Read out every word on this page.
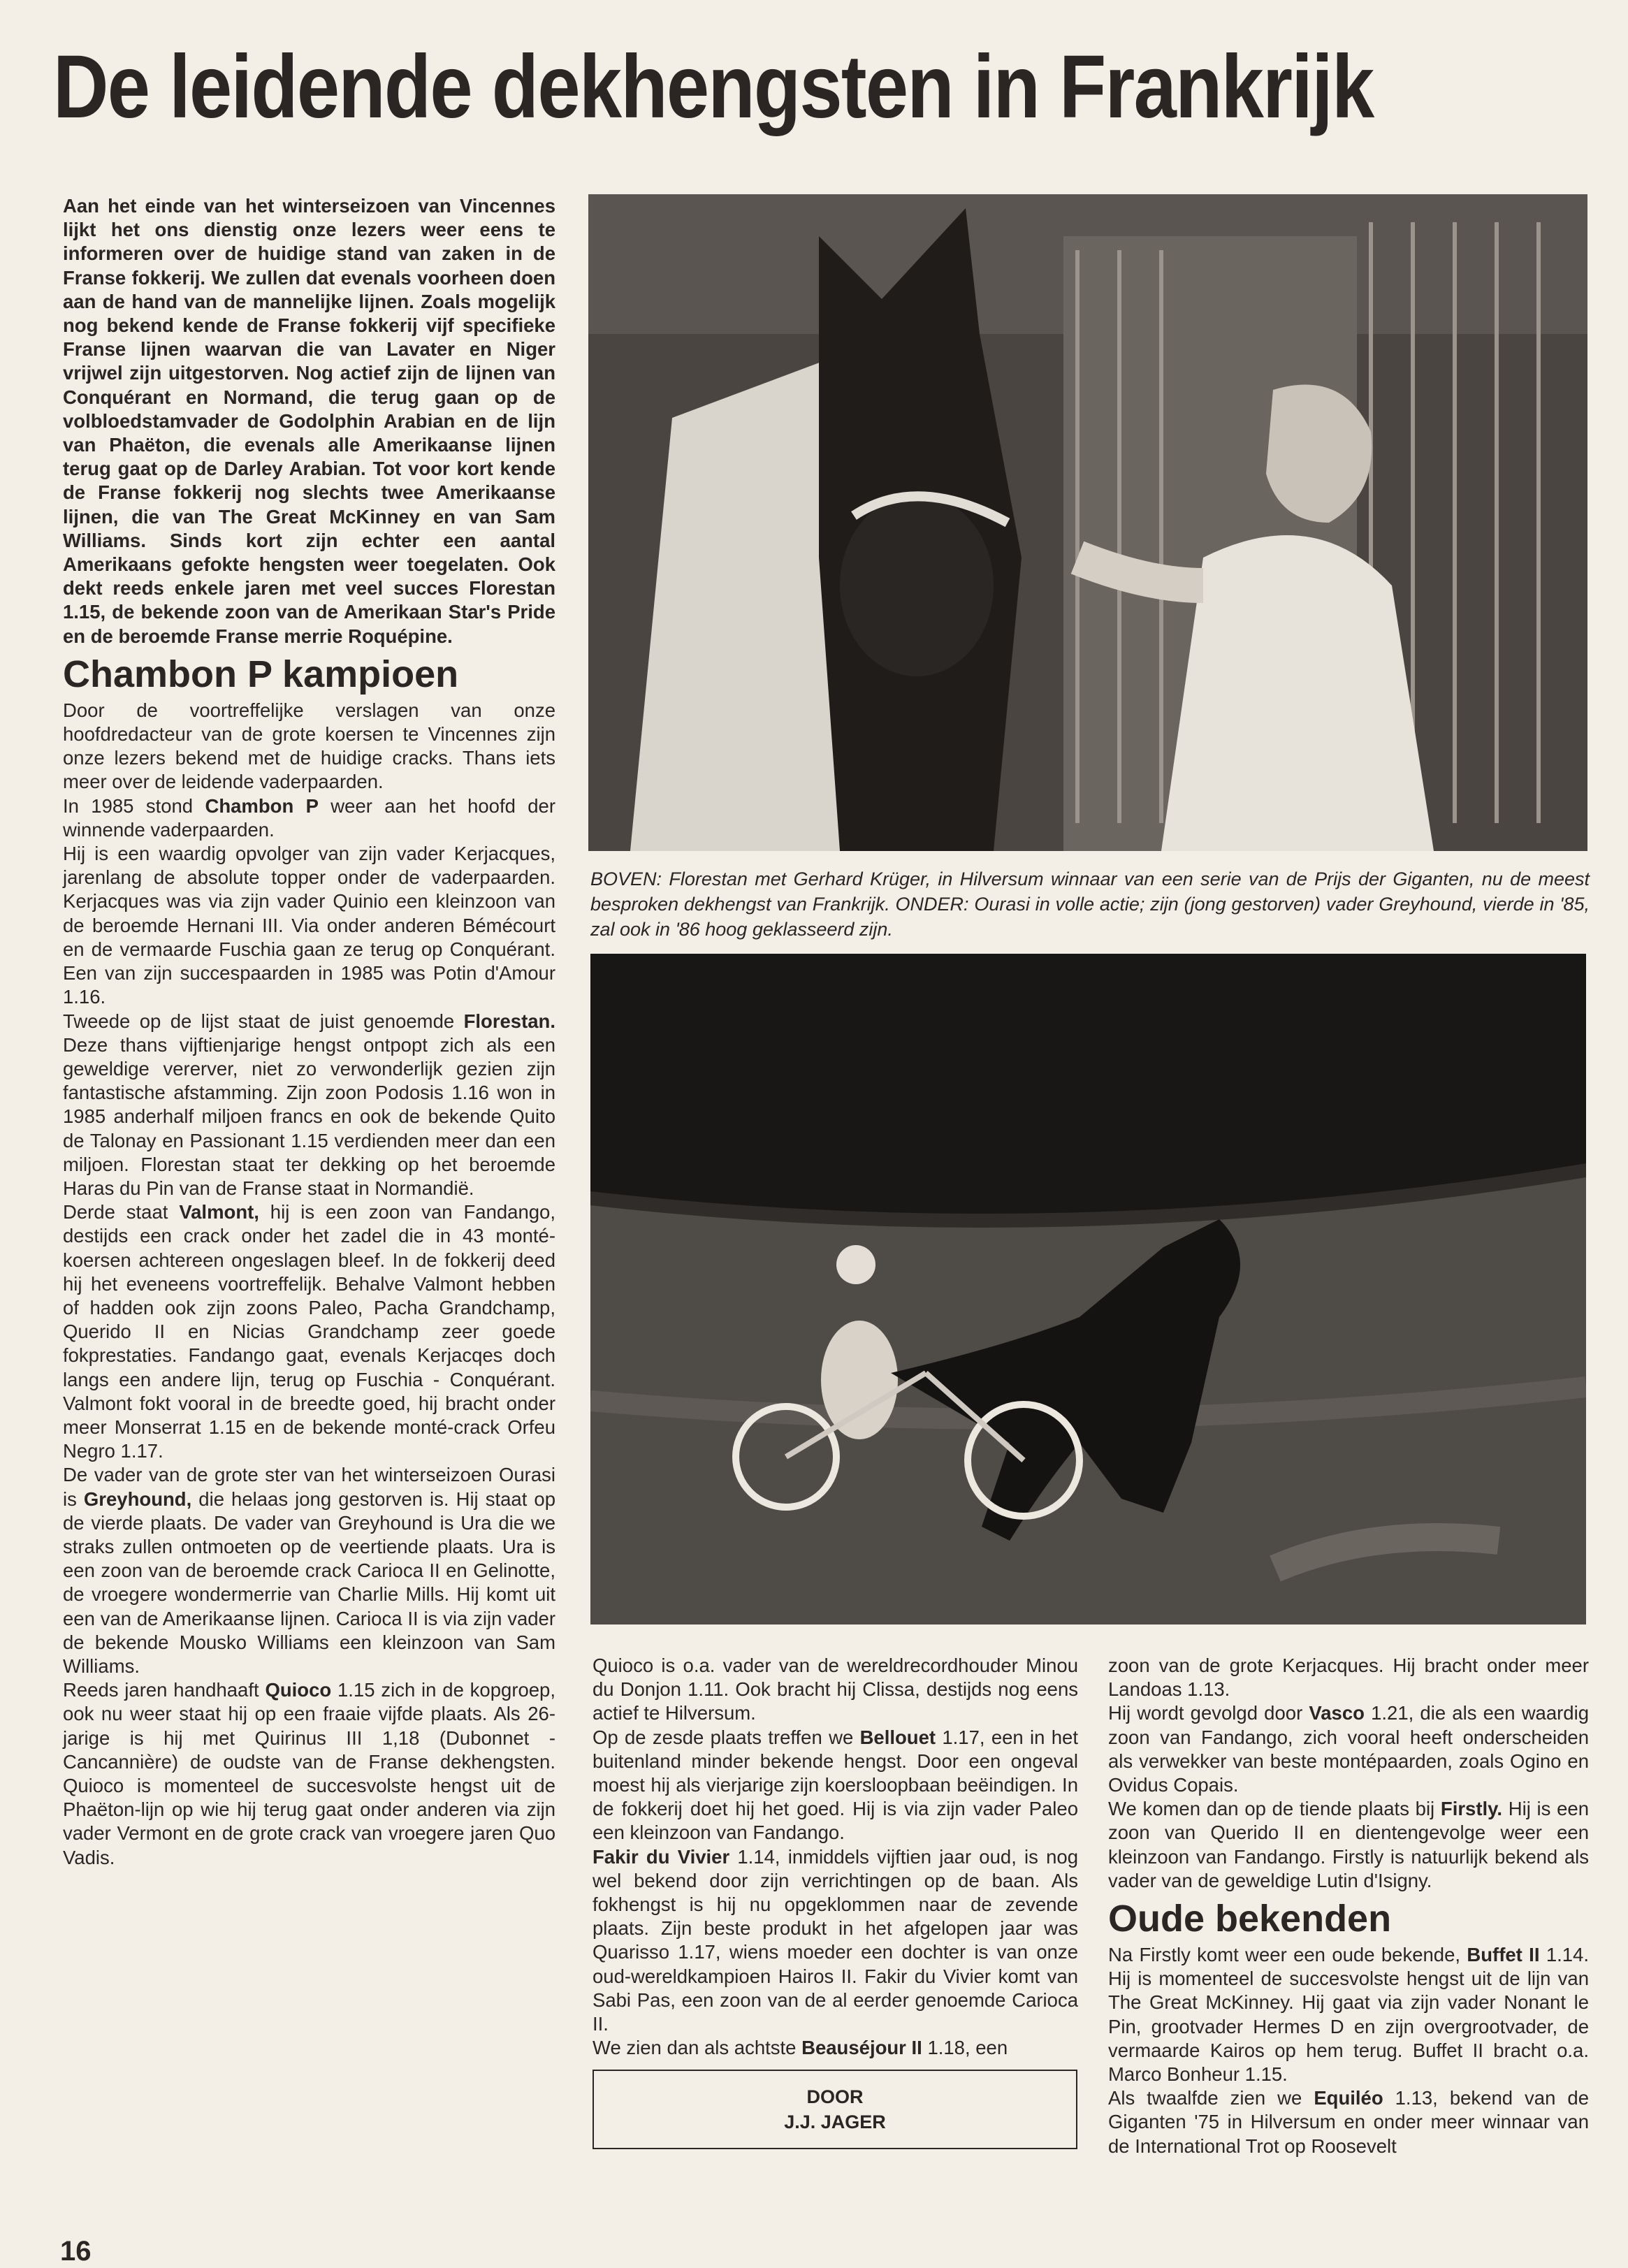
De leidende dekhengsten in Frankrijk

Aan het einde van het winterseizoen van Vincennes lijkt het ons dienstig onze lezers weer eens te informeren over de huidige stand van zaken in de Franse fokkerij. We zullen dat evenals voorheen doen aan de hand van de mannelijke lijnen. Zoals mogelijk nog bekend kende de Franse fokkerij vijf specifieke Franse lijnen waarvan die van Lavater en Niger vrijwel zijn uitgestorven. Nog actief zijn de lijnen van Conquérant en Normand, die terug gaan op de volbloedstamvader de Godolphin Arabian en de lijn van Phaëton, die evenals alle Amerikaanse lijnen terug gaat op de Darley Arabian. Tot voor kort kende de Franse fokkerij nog slechts twee Amerikaanse lijnen, die van The Great McKinney en van Sam Williams. Sinds kort zijn echter een aantal Amerikaans gefokte hengsten weer toegelaten. Ook dekt reeds enkele jaren met veel succes Florestan 1.15, de bekende zoon van de Amerikaan Star's Pride en de beroemde Franse merrie Roquépine.

Chambon P kampioen

Door de voortreffelijke verslagen van onze hoofdredacteur van de grote koersen te Vincennes zijn onze lezers bekend met de huidige cracks. Thans iets meer over de leidende vaderpaarden.

In 1985 stond Chambon P weer aan het hoofd der winnende vaderpaarden.

Hij is een waardig opvolger van zijn vader Kerjacques, jarenlang de absolute topper onder de vaderpaarden. Kerjacques was via zijn vader Quinio een kleinzoon van de beroemde Hernani III. Via onder anderen Bémécourt en de vermaarde Fuschia gaan ze terug op Conquérant. Een van zijn succespaarden in 1985 was Potin d'Amour 1.16.

Tweede op de lijst staat de juist genoemde Florestan. Deze thans vijftienjarige hengst ontpopt zich als een geweldige vererver, niet zo verwonderlijk gezien zijn fantastische afstamming. Zijn zoon Podosis 1.16 won in 1985 anderhalf miljoen francs en ook de bekende Quito de Talonay en Passionant 1.15 verdienden meer dan een miljoen. Florestan staat ter dekking op het beroemde Haras du Pin van de Franse staat in Normandië.

Derde staat Valmont, hij is een zoon van Fandango, destijds een crack onder het zadel die in 43 monté-koersen achtereen ongeslagen bleef. In de fokkerij deed hij het eveneens voortreffelijk. Behalve Valmont hebben of hadden ook zijn zoons Paleo, Pacha Grandchamp, Querido II en Nicias Grandchamp zeer goede fokprestaties. Fandango gaat, evenals Kerjacqes doch langs een andere lijn, terug op Fuschia - Conquérant. Valmont fokt vooral in de breedte goed, hij bracht onder meer Monserrat 1.15 en de bekende monté-crack Orfeu Negro 1.17.

De vader van de grote ster van het winterseizoen Ourasi is Greyhound, die helaas jong gestorven is. Hij staat op de vierde plaats. De vader van Greyhound is Ura die we straks zullen ontmoeten op de veertiende plaats. Ura is een zoon van de beroemde crack Carioca II en Gelinotte, de vroegere wondermerrie van Charlie Mills. Hij komt uit een van de Amerikaanse lijnen. Carioca II is via zijn vader de bekende Mousko Williams een kleinzoon van Sam Williams.

Reeds jaren handhaaft Quioco 1.15 zich in de kopgroep, ook nu weer staat hij op een fraaie vijfde plaats. Als 26-jarige is hij met Quirinus III 1,18 (Dubonnet - Cancannière) de oudste van de Franse dekhengsten. Quioco is momenteel de succesvolste hengst uit de Phaëton-lijn op wie hij terug gaat onder anderen via zijn vader Vermont en de grote crack van vroegere jaren Quo Vadis.

BOVEN: Florestan met Gerhard Krüger, in Hilversum winnaar van een serie van de Prijs der Giganten, nu de meest besproken dekhengst van Frankrijk. ONDER: Ourasi in volle actie; zijn (jong gestorven) vader Greyhound, vierde in '85, zal ook in '86 hoog geklasseerd zijn.

Quioco is o.a. vader van de wereldrecordhouder Minou du Donjon 1.11. Ook bracht hij Clissa, destijds nog eens actief te Hilversum.

Op de zesde plaats treffen we Bellouet 1.17, een in het buitenland minder bekende hengst. Door een ongeval moest hij als vierjarige zijn koersloopbaan beëindigen. In de fokkerij doet hij het goed. Hij is via zijn vader Paleo een kleinzoon van Fandango.

Fakir du Vivier 1.14, inmiddels vijftien jaar oud, is nog wel bekend door zijn verrichtingen op de baan. Als fokhengst is hij nu opgeklommen naar de zevende plaats. Zijn beste produkt in het afgelopen jaar was Quarisso 1.17, wiens moeder een dochter is van onze oud-wereldkampioen Hairos II. Fakir du Vivier komt van Sabi Pas, een zoon van de al eerder genoemde Carioca II.

We zien dan als achtste Beauséjour II 1.18, een

DOOR
J.J. JAGER

zoon van de grote Kerjacques. Hij bracht onder meer Landoas 1.13.

Hij wordt gevolgd door Vasco 1.21, die als een waardig zoon van Fandango, zich vooral heeft onderscheiden als verwekker van beste montépaarden, zoals Ogino en Ovidus Copais.

We komen dan op de tiende plaats bij Firstly. Hij is een zoon van Querido II en dientengevolge weer een kleinzoon van Fandango. Firstly is natuurlijk bekend als vader van de geweldige Lutin d'Isigny.

Oude bekenden

Na Firstly komt weer een oude bekende, Buffet II 1.14. Hij is momenteel de succesvolste hengst uit de lijn van The Great McKinney. Hij gaat via zijn vader Nonant le Pin, grootvader Hermes D en zijn overgrootvader, de vermaarde Kairos op hem terug. Buffet II bracht o.a. Marco Bonheur 1.15.

Als twaalfde zien we Equiléo 1.13, bekend van de Giganten '75 in Hilversum en onder meer winnaar van de International Trot op Roosevelt

16
